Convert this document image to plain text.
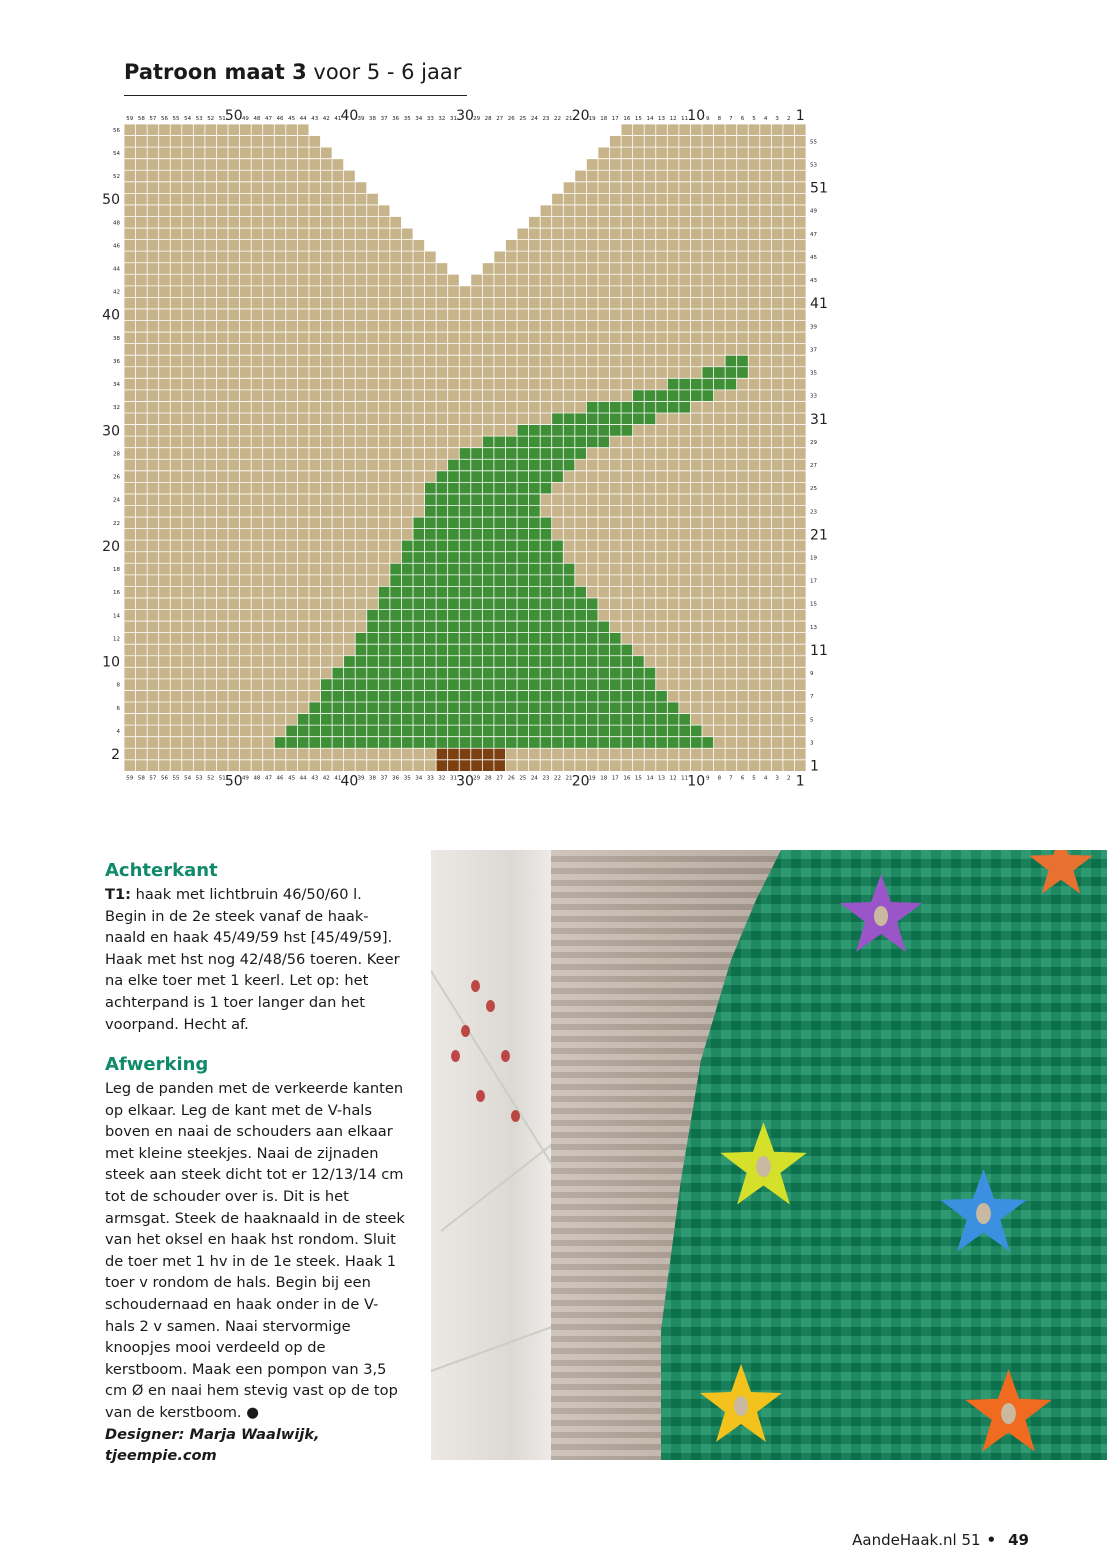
Patroon maat 3 voor 5 - 6 jaar
59
59
58
58
57
57
56
56
55
55
54
54
53
53
52
52
51
51
50
50
49
49
48
48
47
47
46
46
45
45
44
44
43
43
42
42
41
41
40
40
39
39
38
38
37
37
36
36
35
35
34
34
33
33
32
32
31
31
30
30
29
29
28
28
27
27
26
26
25
25
24
24
23
23
22
22
21
21
20
20
19
19
18
18
17
17
16
16
15
15
14
14
13
13
12
12
11
11
10
10
9
9
8
8
7
7
6
6
5
5
4
4
3
3
2
2
1
1
56
54
52
50
48
46
44
42
40
38
36
34
32
30
28
26
24
22
20
18
16
14
12
10
8
6
4
2
55
53
51
49
47
45
43
41
39
37
35
33
31
29
27
25
23
21
19
17
15
13
11
9
7
5
3
1
Achterkant

T1: haak met lichtbruin 46/50/60 l. Begin in de 2e steek vanaf de haak-naald en haak 45/49/59 hst [45/49/59]. Haak met hst nog 42/48/56 toeren. Keer na elke toer met 1 keerl. Let op: het achterpand is 1 toer langer dan het voorpand. Hecht af.

Afwerking

Leg de panden met de verkeerde kanten op elkaar. Leg de kant met de V-hals boven en naai de schouders aan elkaar met kleine steekjes. Naai de zijnaden steek aan steek dicht tot er 12/13/14 cm tot de schouder over is. Dit is het armsgat. Steek de haaknaald in de steek van het oksel en haak hst rondom. Sluit de toer met 1 hv in de 1e steek. Haak 1 toer v rondom de hals. Begin bij een schoudernaad en haak onder in de V-hals 2 v samen. Naai stervormige knoopjes mooi verdeeld op de kerstboom. Maak een pompon van 3,5 cm Ø en naai hem stevig vast op de top van de kerstboom. ●

Designer: Marja Waalwijk, tjeempie.com

AandeHaak.nl 51 • 49
